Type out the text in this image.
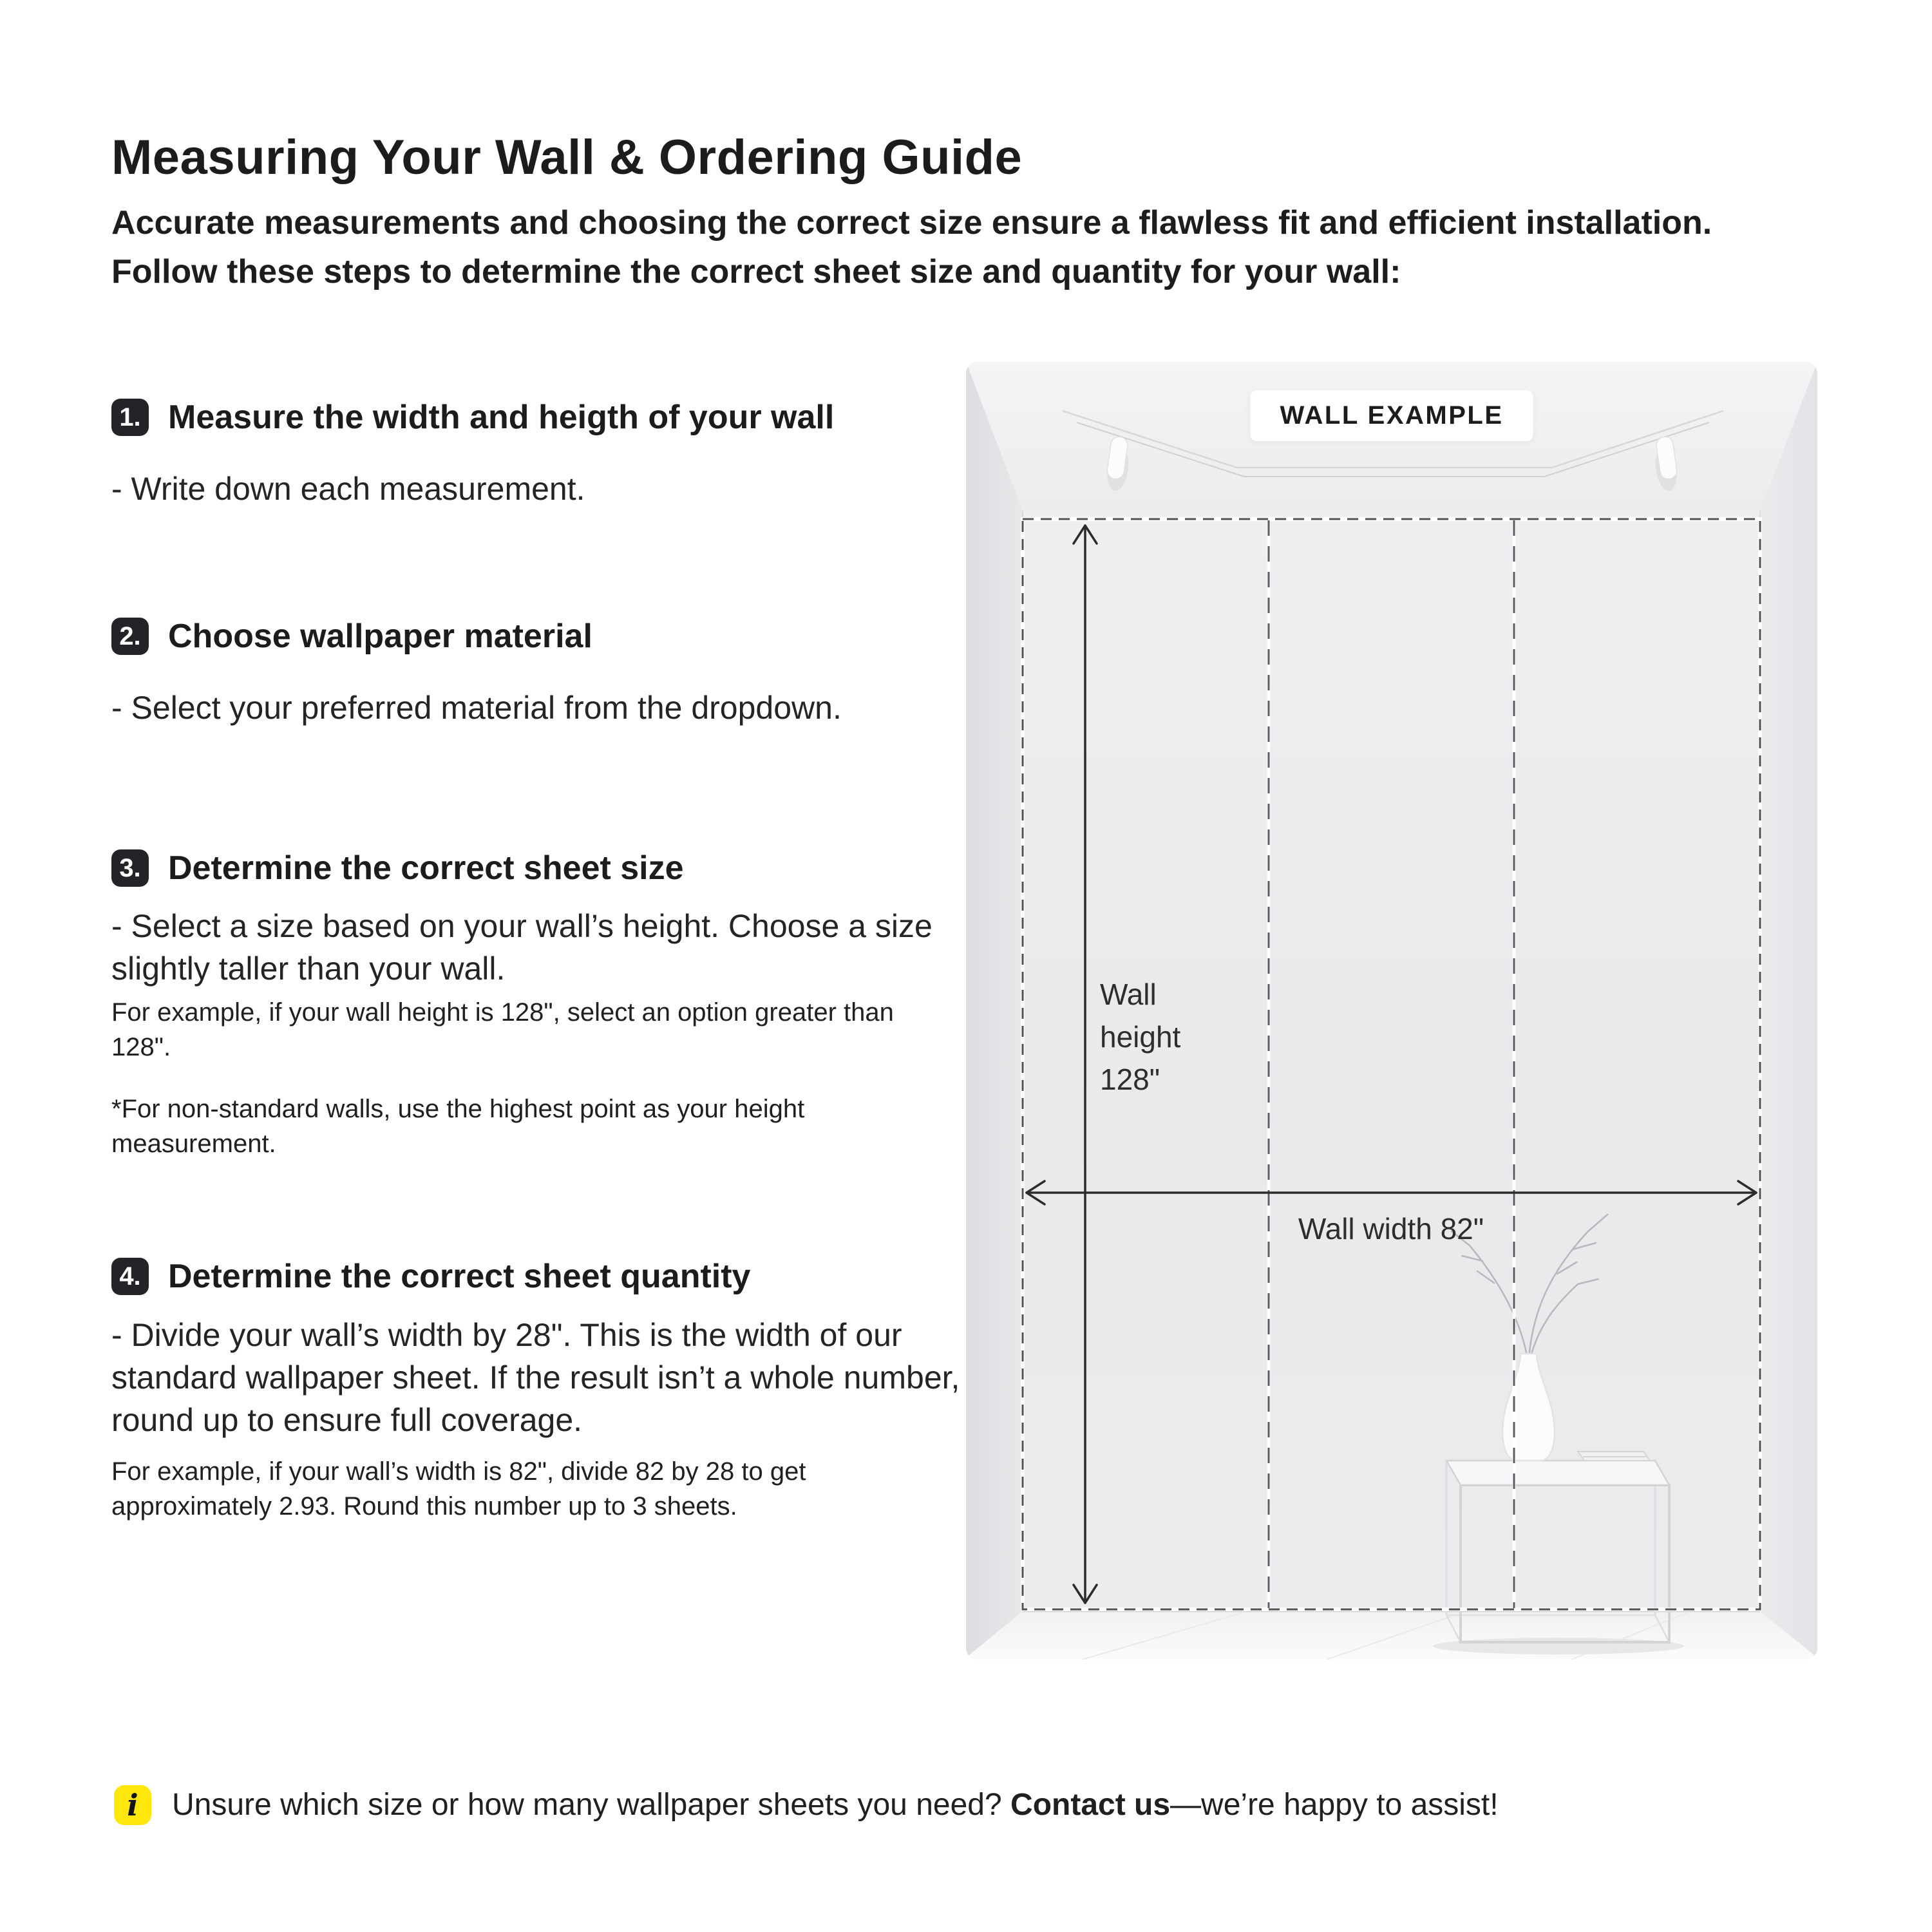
Measuring Your Wall & Ordering Guide
Accurate measurements and choosing the correct size ensure a flawless fit and efficient installation.
Follow these steps to determine the correct sheet size and quantity for your wall:
1. Measure the width and heigth of your wall
- Write down each measurement.
2. Choose wallpaper material
- Select your preferred material from the dropdown.
3. Determine the correct sheet size
- Select a size based on your wall’s height. Choose a size slightly taller than your wall.
For example, if your wall height is 128", select an option greater than 128".
*For non-standard walls, use the highest point as your height measurement.
4. Determine the correct sheet quantity
- Divide your wall’s width by 28". This is the width of our standard wallpaper sheet. If the result isn’t a whole number, round up to ensure full coverage.
For example, if your wall’s width is 82", divide 82 by 28 to get approximately 2.93. Round this number up to 3 sheets.
Wall height 128"
Wall width 82"
WALL EXAMPLE
i	Unsure which size or how many wallpaper sheets you need? Contact us—we’re happy to assist!
